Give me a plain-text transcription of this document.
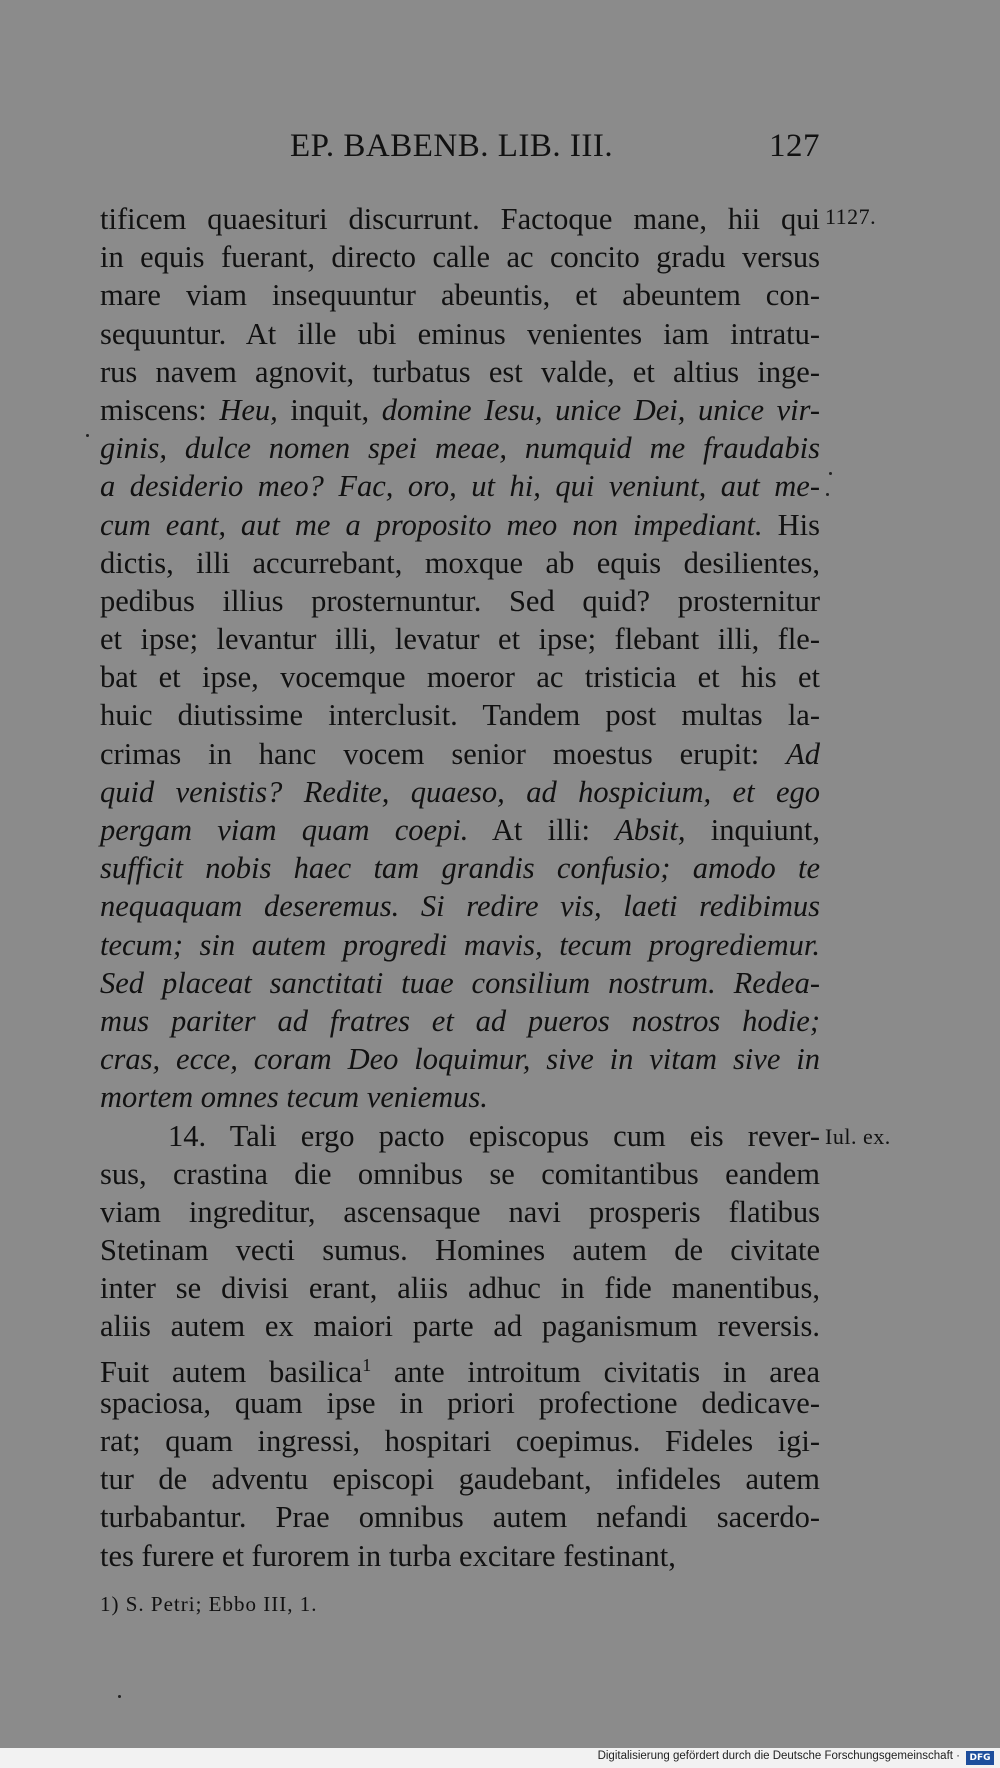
EP. BABENB. LIB. III.	127
tificem quaesituri discurrunt. Factoque mane, hii qui
in equis fuerant, directo calle ac concito gradu versus
mare viam insequuntur abeuntis, et abeuntem con-
sequuntur. At ille ubi eminus venientes iam intratu-
rus navem agnovit, turbatus est valde, et altius inge-
miscens: Heu, inquit, domine Iesu, unice Dei, unice vir-
ginis, dulce nomen spei meae, numquid me fraudabis
a desiderio meo? Fac, oro, ut hi, qui veniunt, aut me-
cum eant, aut me a proposito meo non impediant. His
dictis, illi accurrebant, moxque ab equis desilientes,
pedibus illius prosternuntur. Sed quid? prosternitur
et ipse; levantur illi, levatur et ipse; flebant illi, fle-
bat et ipse, vocemque moeror ac tristicia et his et
huic diutissime interclusit. Tandem post multas la-
crimas in hanc vocem senior moestus erupit: Ad
quid venistis? Redite, quaeso, ad hospicium, et ego
pergam viam quam coepi. At illi: Absit, inquiunt,
sufficit nobis haec tam grandis confusio; amodo te
nequaquam deseremus. Si redire vis, laeti redibimus
tecum; sin autem progredi mavis, tecum progrediemur.
Sed placeat sanctitati tuae consilium nostrum. Redea-
mus pariter ad fratres et ad pueros nostros hodie;
cras, ecce, coram Deo loquimur, sive in vitam sive in
mortem omnes tecum veniemus.
14. Tali ergo pacto episcopus cum eis rever-
sus, crastina die omnibus se comitantibus eandem
viam ingreditur, ascensaque navi prosperis flatibus
Stetinam vecti sumus. Homines autem de civitate
inter se divisi erant, aliis adhuc in fide manentibus,
aliis autem ex maiori parte ad paganismum reversis.
Fuit autem basilica$^1$ ante introitum civitatis in area
spaciosa, quam ipse in priori profectione dedicave-
rat; quam ingressi, hospitari coepimus. Fideles igi-
tur de adventu episcopi gaudebant, infideles autem
turbabantur. Prae omnibus autem nefandi sacerdo-
tes furere et furorem in turba excitare festinant,
1127.
Iul. ex.
1) S. Petri; Ebbo III, 1.
Digitalisierung gefördert durch die Deutsche Forschungsgemeinschaft ·	DFG
